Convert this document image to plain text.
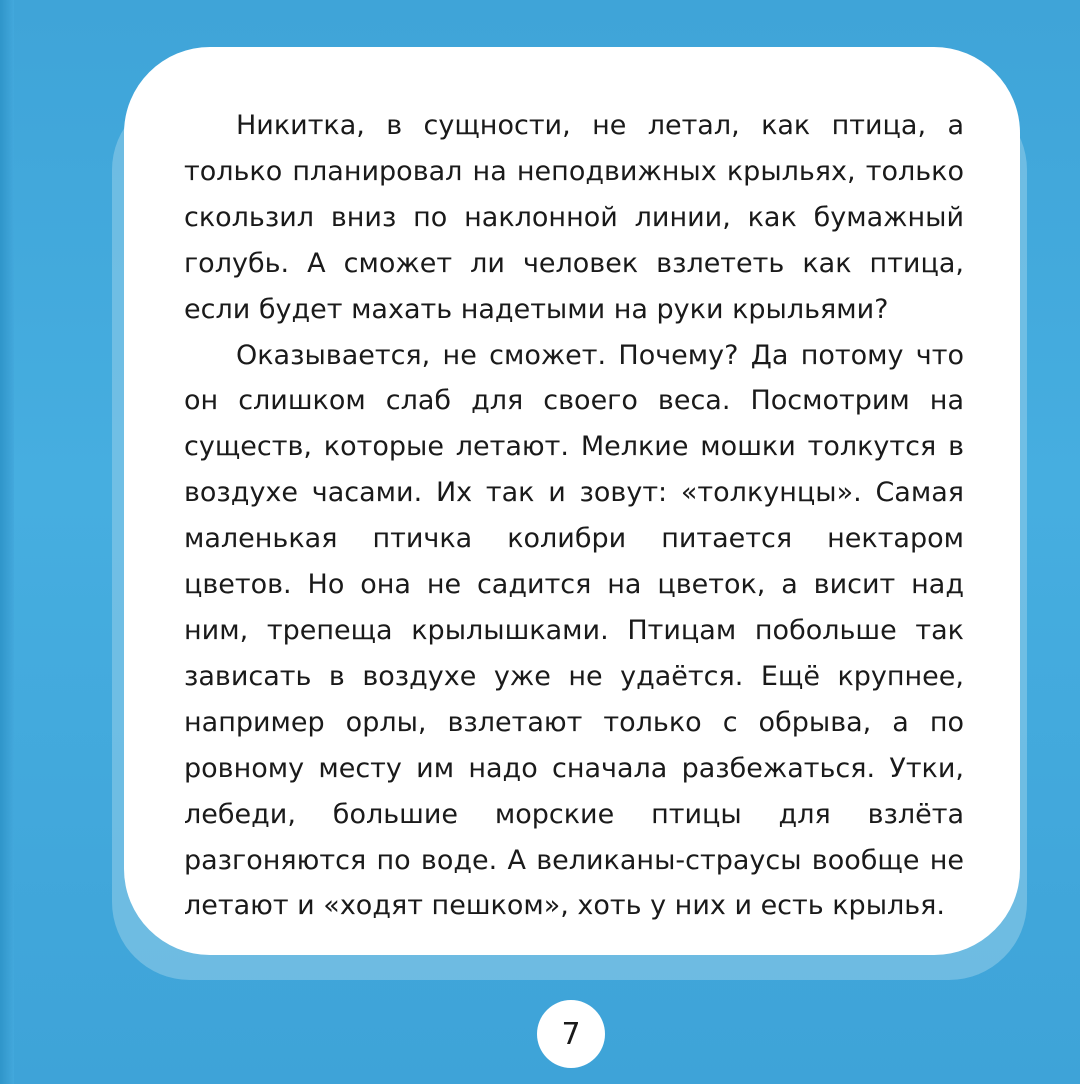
Никитка, в сущности, не летал, как птица, а только планировал на неподвижных крыльях, только скользил вниз по наклонной линии, как бумажный голубь. А сможет ли человек взлететь как птица, если будет махать надетыми на руки крыльями?

Оказывается, не сможет. Почему? Да потому что он слишком слаб для своего веса. Посмотрим на существ, которые летают. Мелкие мошки толкутся в воздухе часами. Их так и зовут: «толкунцы». Самая маленькая птичка колибри питается нектаром цветов. Но она не садится на цветок, а висит над ним, трепеща крылышками. Птицам побольше так зависать в воздухе уже не удаётся. Ещё крупнее, например орлы, взлетают только с обрыва, а по ровному месту им надо сначала разбежаться. Утки, лебеди, большие морские птицы для взлёта разгоняются по воде. А великаны-страусы вообще не летают и «ходят пешком», хоть у них и есть крылья.

7
